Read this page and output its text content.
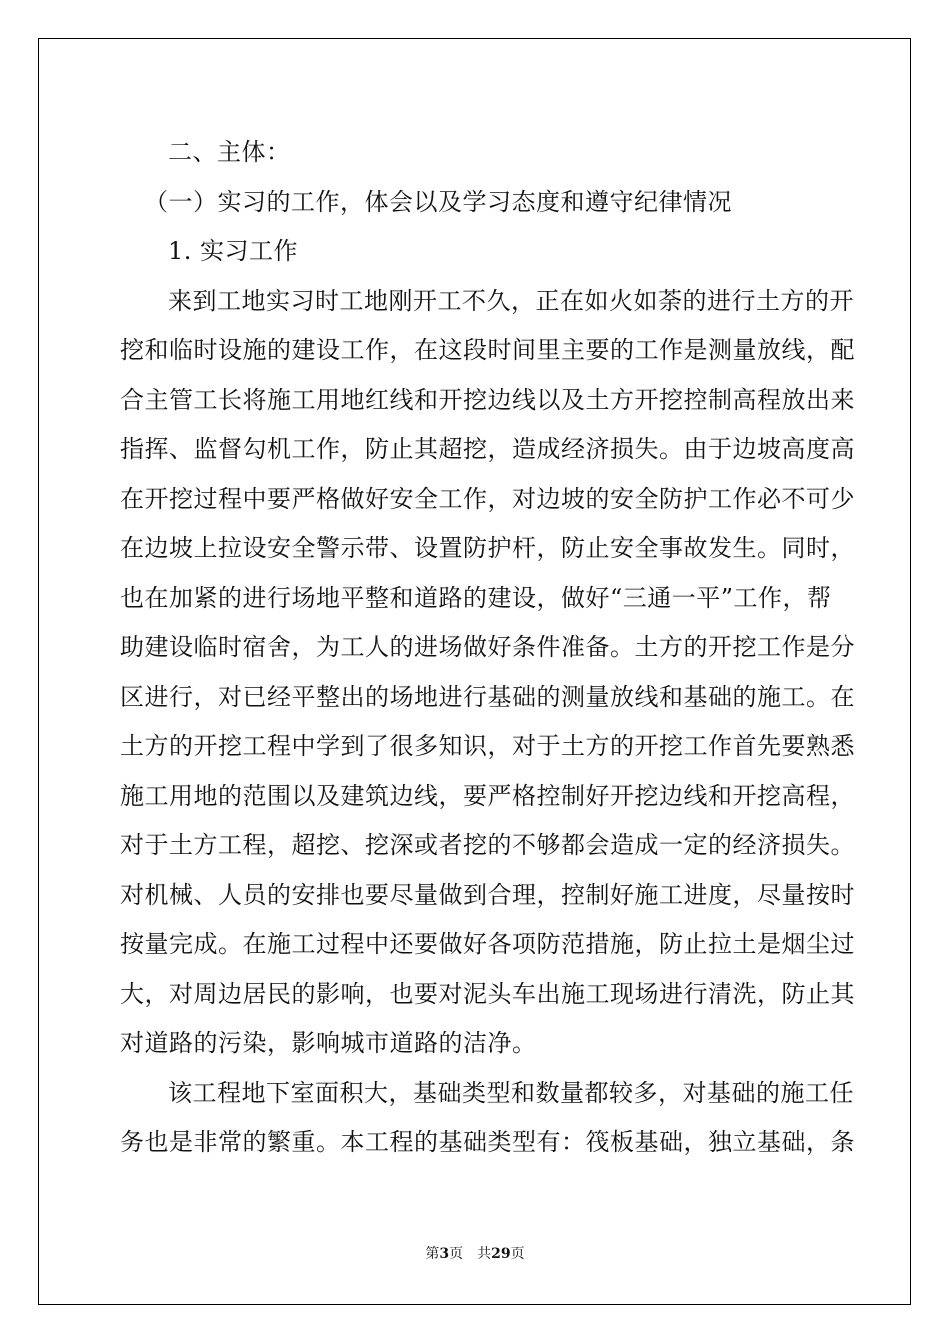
二、主体：
（一）实习的工作，体会以及学习态度和遵守纪律情况
1. 实习工作
来到工地实习时工地刚开工不久，正在如火如荼的进行土方的开
挖和临时设施的建设工作，在这段时间里主要的工作是测量放线，配
合主管工长将施工用地红线和开挖边线以及土方开挖控制高程放出来
指挥、监督勾机工作，防止其超挖，造成经济损失。由于边坡高度高
在开挖过程中要严格做好安全工作，对边坡的安全防护工作必不可少
在边坡上拉设安全警示带、设置防护杆，防止安全事故发生。同时，
也在加紧的进行场地平整和道路的建设，做好“三通一平”工作，帮
助建设临时宿舍，为工人的进场做好条件准备。土方的开挖工作是分
区进行，对已经平整出的场地进行基础的测量放线和基础的施工。在
土方的开挖工程中学到了很多知识，对于土方的开挖工作首先要熟悉
施工用地的范围以及建筑边线，要严格控制好开挖边线和开挖高程，
对于土方工程，超挖、挖深或者挖的不够都会造成一定的经济损失。
对机械、人员的安排也要尽量做到合理，控制好施工进度，尽量按时
按量完成。在施工过程中还要做好各项防范措施，防止拉土是烟尘过
大，对周边居民的影响，也要对泥头车出施工现场进行清洗，防止其
对道路的污染，影响城市道路的洁净。
该工程地下室面积大，基础类型和数量都较多，对基础的施工任
务也是非常的繁重。本工程的基础类型有：筏板基础，独立基础，条
第3页　共29页
